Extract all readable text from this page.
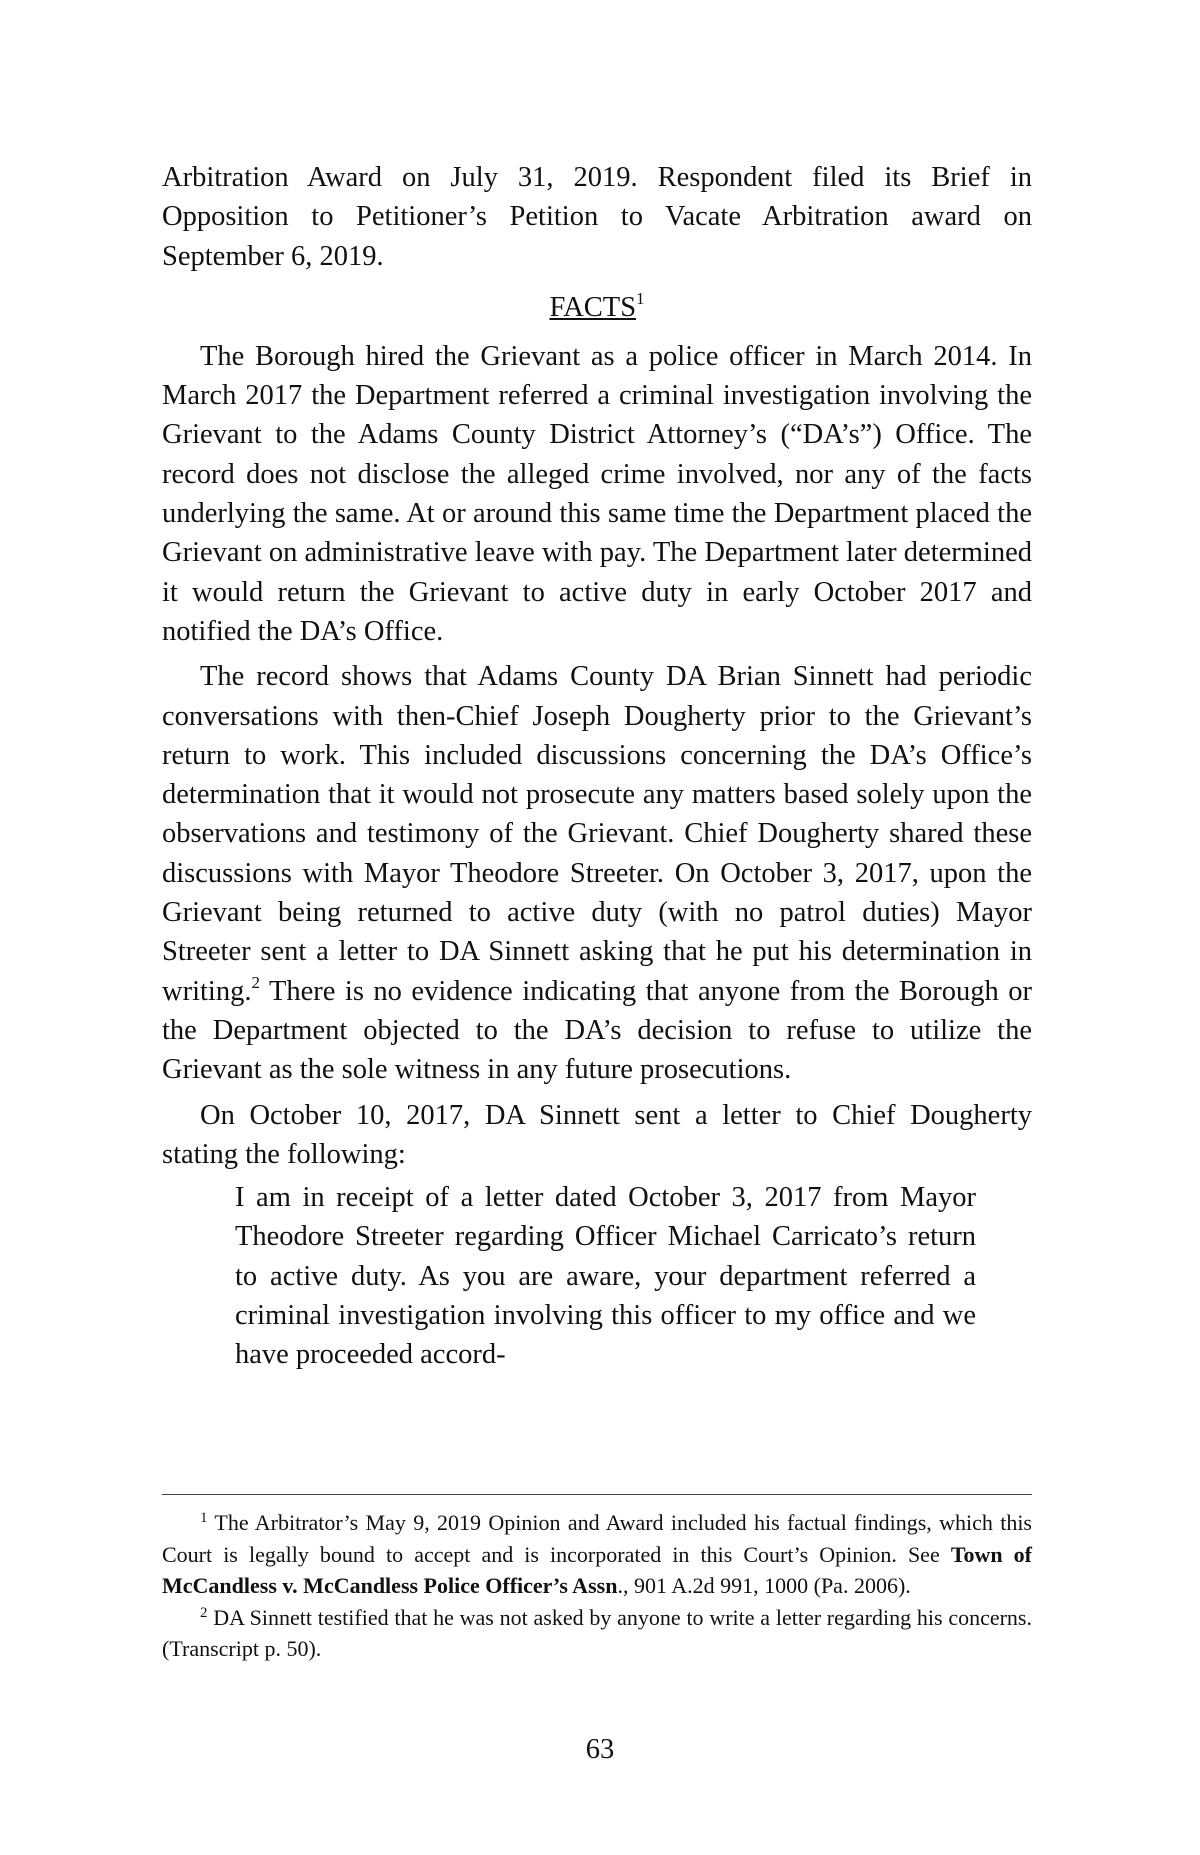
Arbitration Award on July 31, 2019. Respondent filed its Brief in Opposition to Petitioner’s Petition to Vacate Arbitration award on September 6, 2019.

FACTS$^1$

The Borough hired the Grievant as a police officer in March 2014. In March 2017 the Department referred a criminal investigation involving the Grievant to the Adams County District Attorney’s (“DA’s”) Office. The record does not disclose the alleged crime involved, nor any of the facts underlying the same. At or around this same time the Department placed the Grievant on administrative leave with pay. The Department later determined it would return the Grievant to active duty in early October 2017 and notified the DA’s Office.

The record shows that Adams County DA Brian Sinnett had periodic conversations with then-Chief Joseph Dougherty prior to the Grievant’s return to work. This included discussions concerning the DA’s Office’s determination that it would not prosecute any matters based solely upon the observations and testimony of the Grievant. Chief Dougherty shared these discussions with Mayor Theodore Streeter. On October 3, 2017, upon the Grievant being returned to active duty (with no patrol duties) Mayor Streeter sent a letter to DA Sinnett asking that he put his determination in writing.$^2$ There is no evidence indicating that anyone from the Borough or the Department objected to the DA’s decision to refuse to utilize the Grievant as the sole witness in any future prosecutions.

On October 10, 2017, DA Sinnett sent a letter to Chief Dougherty stating the following:

I am in receipt of a letter dated October 3, 2017 from Mayor Theodore Streeter regarding Officer Michael Carricato’s return to active duty. As you are aware, your department referred a criminal investigation involving this officer to my office and we have proceeded accord-

$^1$ The Arbitrator’s May 9, 2019 Opinion and Award included his factual findings, which this Court is legally bound to accept and is incorporated in this Court’s Opinion. See Town of McCandless v. McCandless Police Officer’s Assn., 901 A.2d 991, 1000 (Pa. 2006).

$^2$ DA Sinnett testified that he was not asked by anyone to write a letter regarding his concerns. (Transcript p. 50).

63
